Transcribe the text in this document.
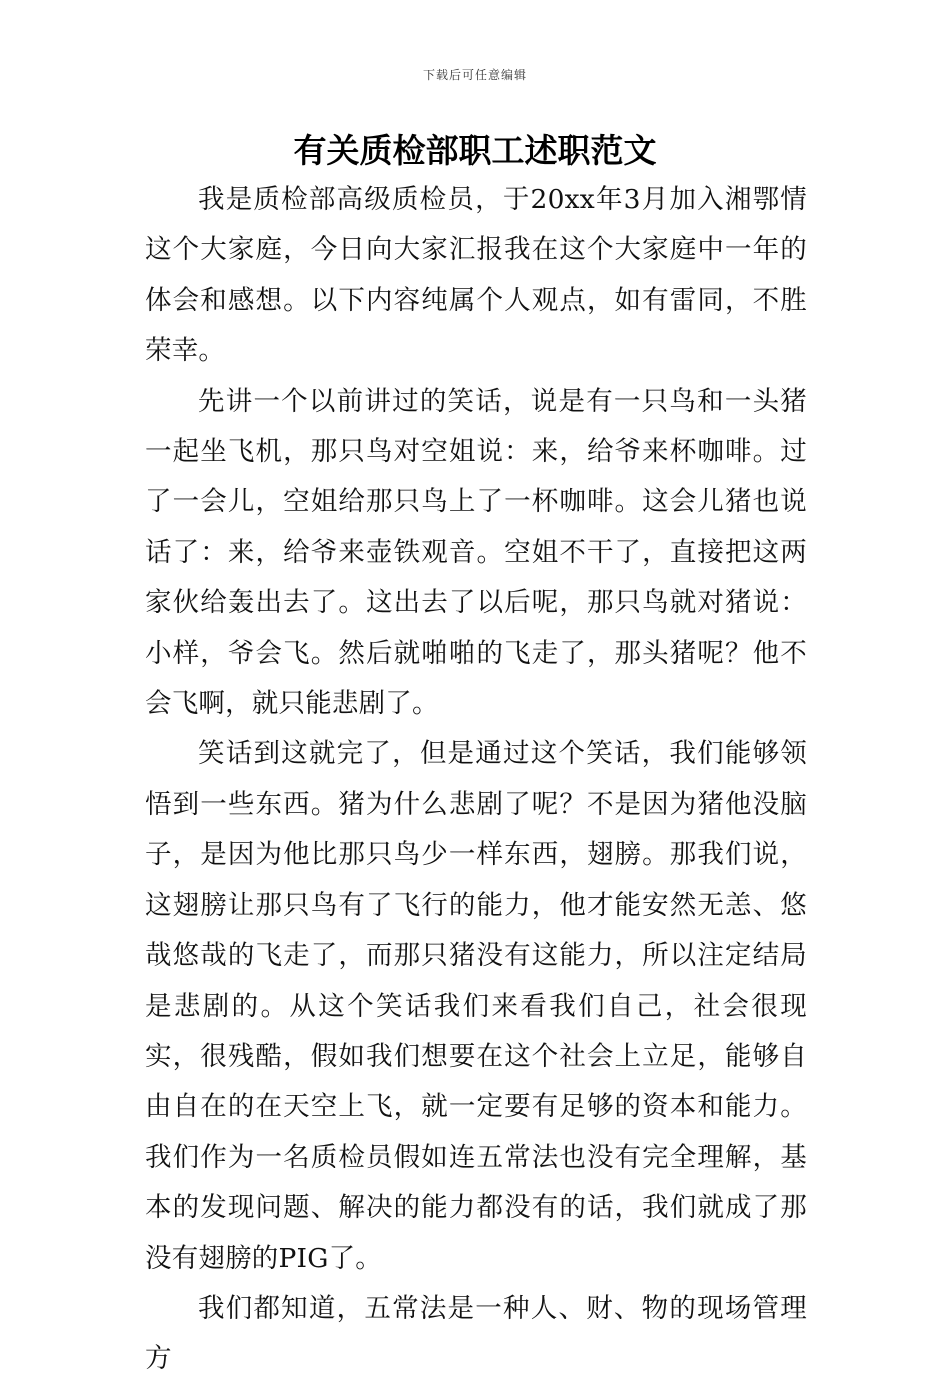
下载后可任意编辑
有关质检部职工述职范文

我是质检部高级质检员，于20xx年3月加入湘鄂情这个大家庭，今日向大家汇报我在这个大家庭中一年的体会和感想。以下内容纯属个人观点，如有雷同，不胜荣幸。

先讲一个以前讲过的笑话，说是有一只鸟和一头猪一起坐飞机，那只鸟对空姐说：来，给爷来杯咖啡。过了一会儿，空姐给那只鸟上了一杯咖啡。这会儿猪也说话了：来，给爷来壶铁观音。空姐不干了，直接把这两家伙给轰出去了。这出去了以后呢，那只鸟就对猪说：小样，爷会飞。然后就啪啪的飞走了，那头猪呢？他不会飞啊，就只能悲剧了。

笑话到这就完了，但是通过这个笑话，我们能够领悟到一些东西。猪为什么悲剧了呢？不是因为猪他没脑子，是因为他比那只鸟少一样东西，翅膀。那我们说，这翅膀让那只鸟有了飞行的能力，他才能安然无恙、悠哉悠哉的飞走了，而那只猪没有这能力，所以注定结局是悲剧的。从这个笑话我们来看我们自己，社会很现实，很残酷，假如我们想要在这个社会上立足，能够自由自在的在天空上飞，就一定要有足够的资本和能力。我们作为一名质检员假如连五常法也没有完全理解，基本的发现问题、解决的能力都没有的话，我们就成了那没有翅膀的PIG了。

我们都知道，五常法是一种人、财、物的现场管理方
